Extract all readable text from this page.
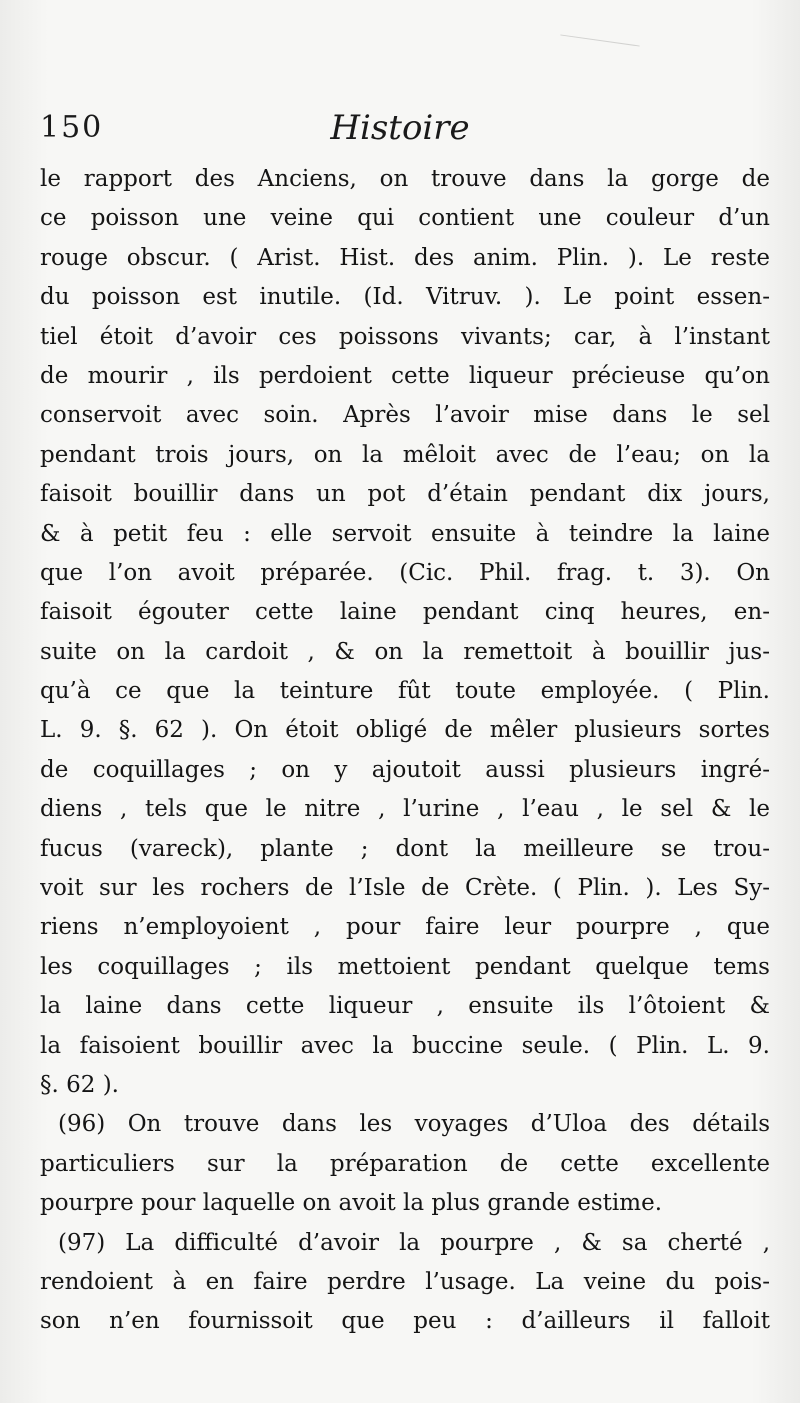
150	Histoire
le rapport des Anciens, on trouve dans la gorge de
ce poisson une veine qui contient une couleur d’un
rouge obscur. ( Arist. Hist. des anim. Plin. ). Le reste
du poisson est inutile. (Id. Vitruv. ). Le point essen-
tiel étoit d’avoir ces poissons vivants; car, à l’instant
de mourir , ils perdoient cette liqueur précieuse qu’on
conservoit avec soin. Après l’avoir mise dans le sel
pendant trois jours, on la mêloit avec de l’eau; on la
faisoit bouillir dans un pot d’étain pendant dix jours,
& à petit feu : elle servoit ensuite à teindre la laine
que l’on avoit préparée. (Cic. Phil. frag. t. 3). On
faisoit égouter cette laine pendant cinq heures, en-
suite on la cardoit , & on la remettoit à bouillir jus-
qu’à ce que la teinture fût toute employée. ( Plin.
L. 9. §. 62 ). On étoit obligé de mêler plusieurs sortes
de coquillages ; on y ajoutoit aussi plusieurs ingré-
diens , tels que le nitre , l’urine , l’eau , le sel & le
fucus (vareck), plante ; dont la meilleure se trou-
voit sur les rochers de l’Isle de Crète. ( Plin. ). Les Sy-
riens n’employoient , pour faire leur pourpre , que
les coquillages ; ils mettoient pendant quelque tems
la laine dans cette liqueur , ensuite ils l’ôtoient &
la faisoient bouillir avec la buccine seule. ( Plin. L. 9.
§. 62 ).
(96) On trouve dans les voyages d’Uloa des détails
particuliers sur la préparation de cette excellente
pourpre pour laquelle on avoit la plus grande estime.
(97) La difficulté d’avoir la pourpre , & sa cherté ,
rendoient à en faire perdre l’usage. La veine du pois-
son n’en fournissoit que peu : d’ailleurs il falloit
